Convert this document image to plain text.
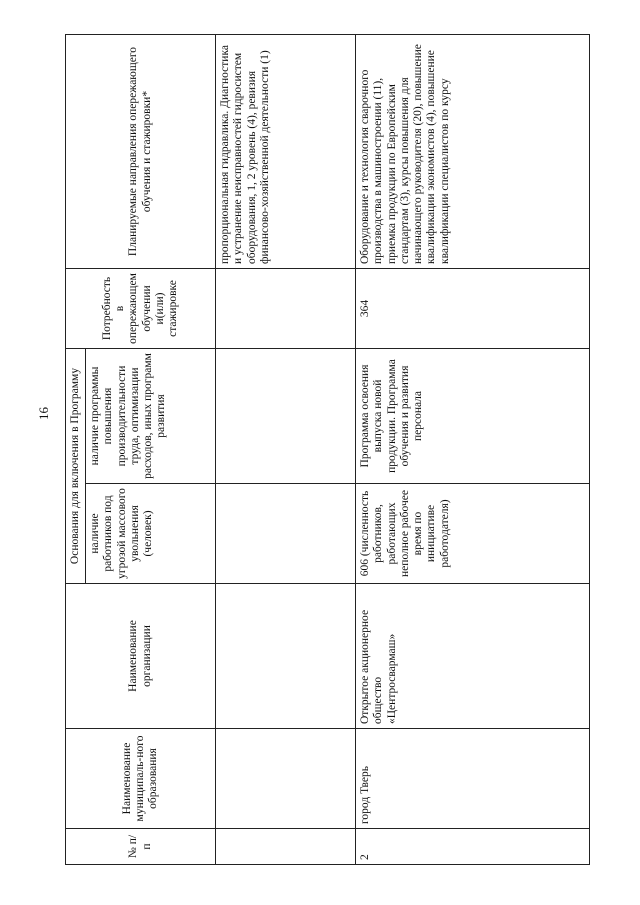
16
№ п/п	Наименование муниципаль-ного образования	Наименование организации	Основания для включения в Программу		Потребность в опережающем обучении и(или) стажировке	Планируемые направления опережающего обучения и стажировки*
			наличие работников под угрозой массового увольнения (человек)	наличие программы повышения производительности труда, оптимизации расходов, иных программ развития		
						пропорциональная гидравлика. Диагностика и устранение неисправностей гидросистем оборудования, 1, 2 уровень (4), ревизия финансово-хозяйственной деятельности (1)
2	город Тверь	Открытое акционерное общество «Центросвармаш»	606 (численность работников, работающих неполное рабочее время по инициативе работодателя)	Программа освоения выпуска новой продукции. Программа обучения и развития персонала	364	Оборудование и технология сварочного производства в машиностроении (11), приемка продукции по Европейским стандартам (3), курсы повышения для начинающего руководителя (20), повышение квалификации экономистов (4), повышение квалификации специалистов по курсу
